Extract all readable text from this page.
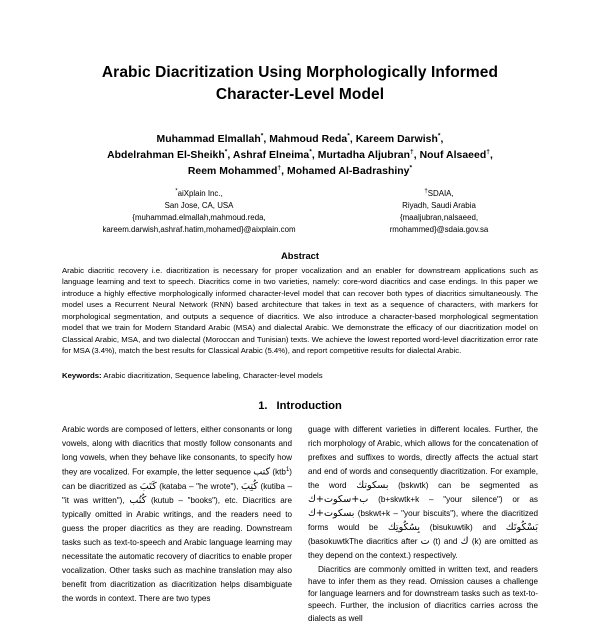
Arabic Diacritization Using Morphologically Informed
Character-Level Model
Muhammad Elmallah*, Mahmoud Reda*, Kareem Darwish*,
Abdelrahman El-Sheikh*, Ashraf Elneima*, Murtadha Aljubran†, Nouf Alsaeed†,
Reem Mohammed†, Mohamed Al-Badrashiny*
*aiXplain Inc.,
San Jose, CA, USA
{muhammad.elmallah,mahmoud.reda,
kareem.darwish,ashraf.hatim,mohamed}@aixplain.com
†SDAIA,
Riyadh, Saudi Arabia
{maaljubran,nalsaeed,
rmohammed}@sdaia.gov.sa
Abstract

Arabic diacritic recovery i.e. diacritization is necessary for proper vocalization and an enabler for downstream applications such as language learning and text to speech. Diacritics come in two varieties, namely: core-word diacritics and case endings. In this paper we introduce a highly effective morphologically informed character-level model that can recover both types of diacritics simultaneously. The model uses a Recurrent Neural Network (RNN) based architecture that takes in text as a sequence of characters, with markers for morphological segmentation, and outputs a sequence of diacritics. We also introduce a character-based morphological segmentation model that we train for Modern Standard Arabic (MSA) and dialectal Arabic. We demonstrate the efficacy of our diacritization model on Classical Arabic, MSA, and two dialectal (Moroccan and Tunisian) texts. We achieve the lowest reported word-level diacritization error rate for MSA (3.4%), match the best results for Classical Arabic (5.4%), and report competitive results for dialectal Arabic.

Keywords: Arabic diacritization, Sequence labeling, Character-level models
1. Introduction

Arabic words are composed of letters, either consonants or long vowels, along with diacritics that mostly follow consonants and long vowels, when they behave like consonants, to specify how they are vocalized. For example, the letter sequence كتب (ktb$^1$) can be diacritized as كَتَبَ (kataba – "he wrote"), كُتِبَ (kutiba – "it was written"), كُتُب (kutub – "books"), etc. Diacritics are typically omitted in Arabic writings, and the readers need to guess the proper diacritics as they are reading. Downstream tasks such as text-to-speech and Arabic language learning may necessitate the automatic recovery of diacritics to enable proper vocalization. Other tasks such as machine translation may also benefit from diacritization as diacritization helps disambiguate the words in context. There are two types

guage with different varieties in different locales. Further, the rich morphology of Arabic, which allows for the concatenation of prefixes and suffixes to words, directly affects the actual start and end of words and consequently diacritization. For example, the word بسكوتك (bskwtk) can be segmented as ب+سكوت+ك (b+skwtk+k – "your silence") or as بسكوت+ك (bskwt+k – "your biscuits"), where the diacritized forms would be بِسُكُوتِك (bisukuwtik) and بَسْكُوتَك (basokuwtkThe diacritics after ت (t) and ك (k) are omitted as they depend on the context.) respectively.

Diacritics are commonly omitted in written text, and readers have to infer them as they read. Omission causes a challenge for language learners and for downstream tasks such as text-to-speech. Further, the inclusion of diacritics carries across the dialects as well
